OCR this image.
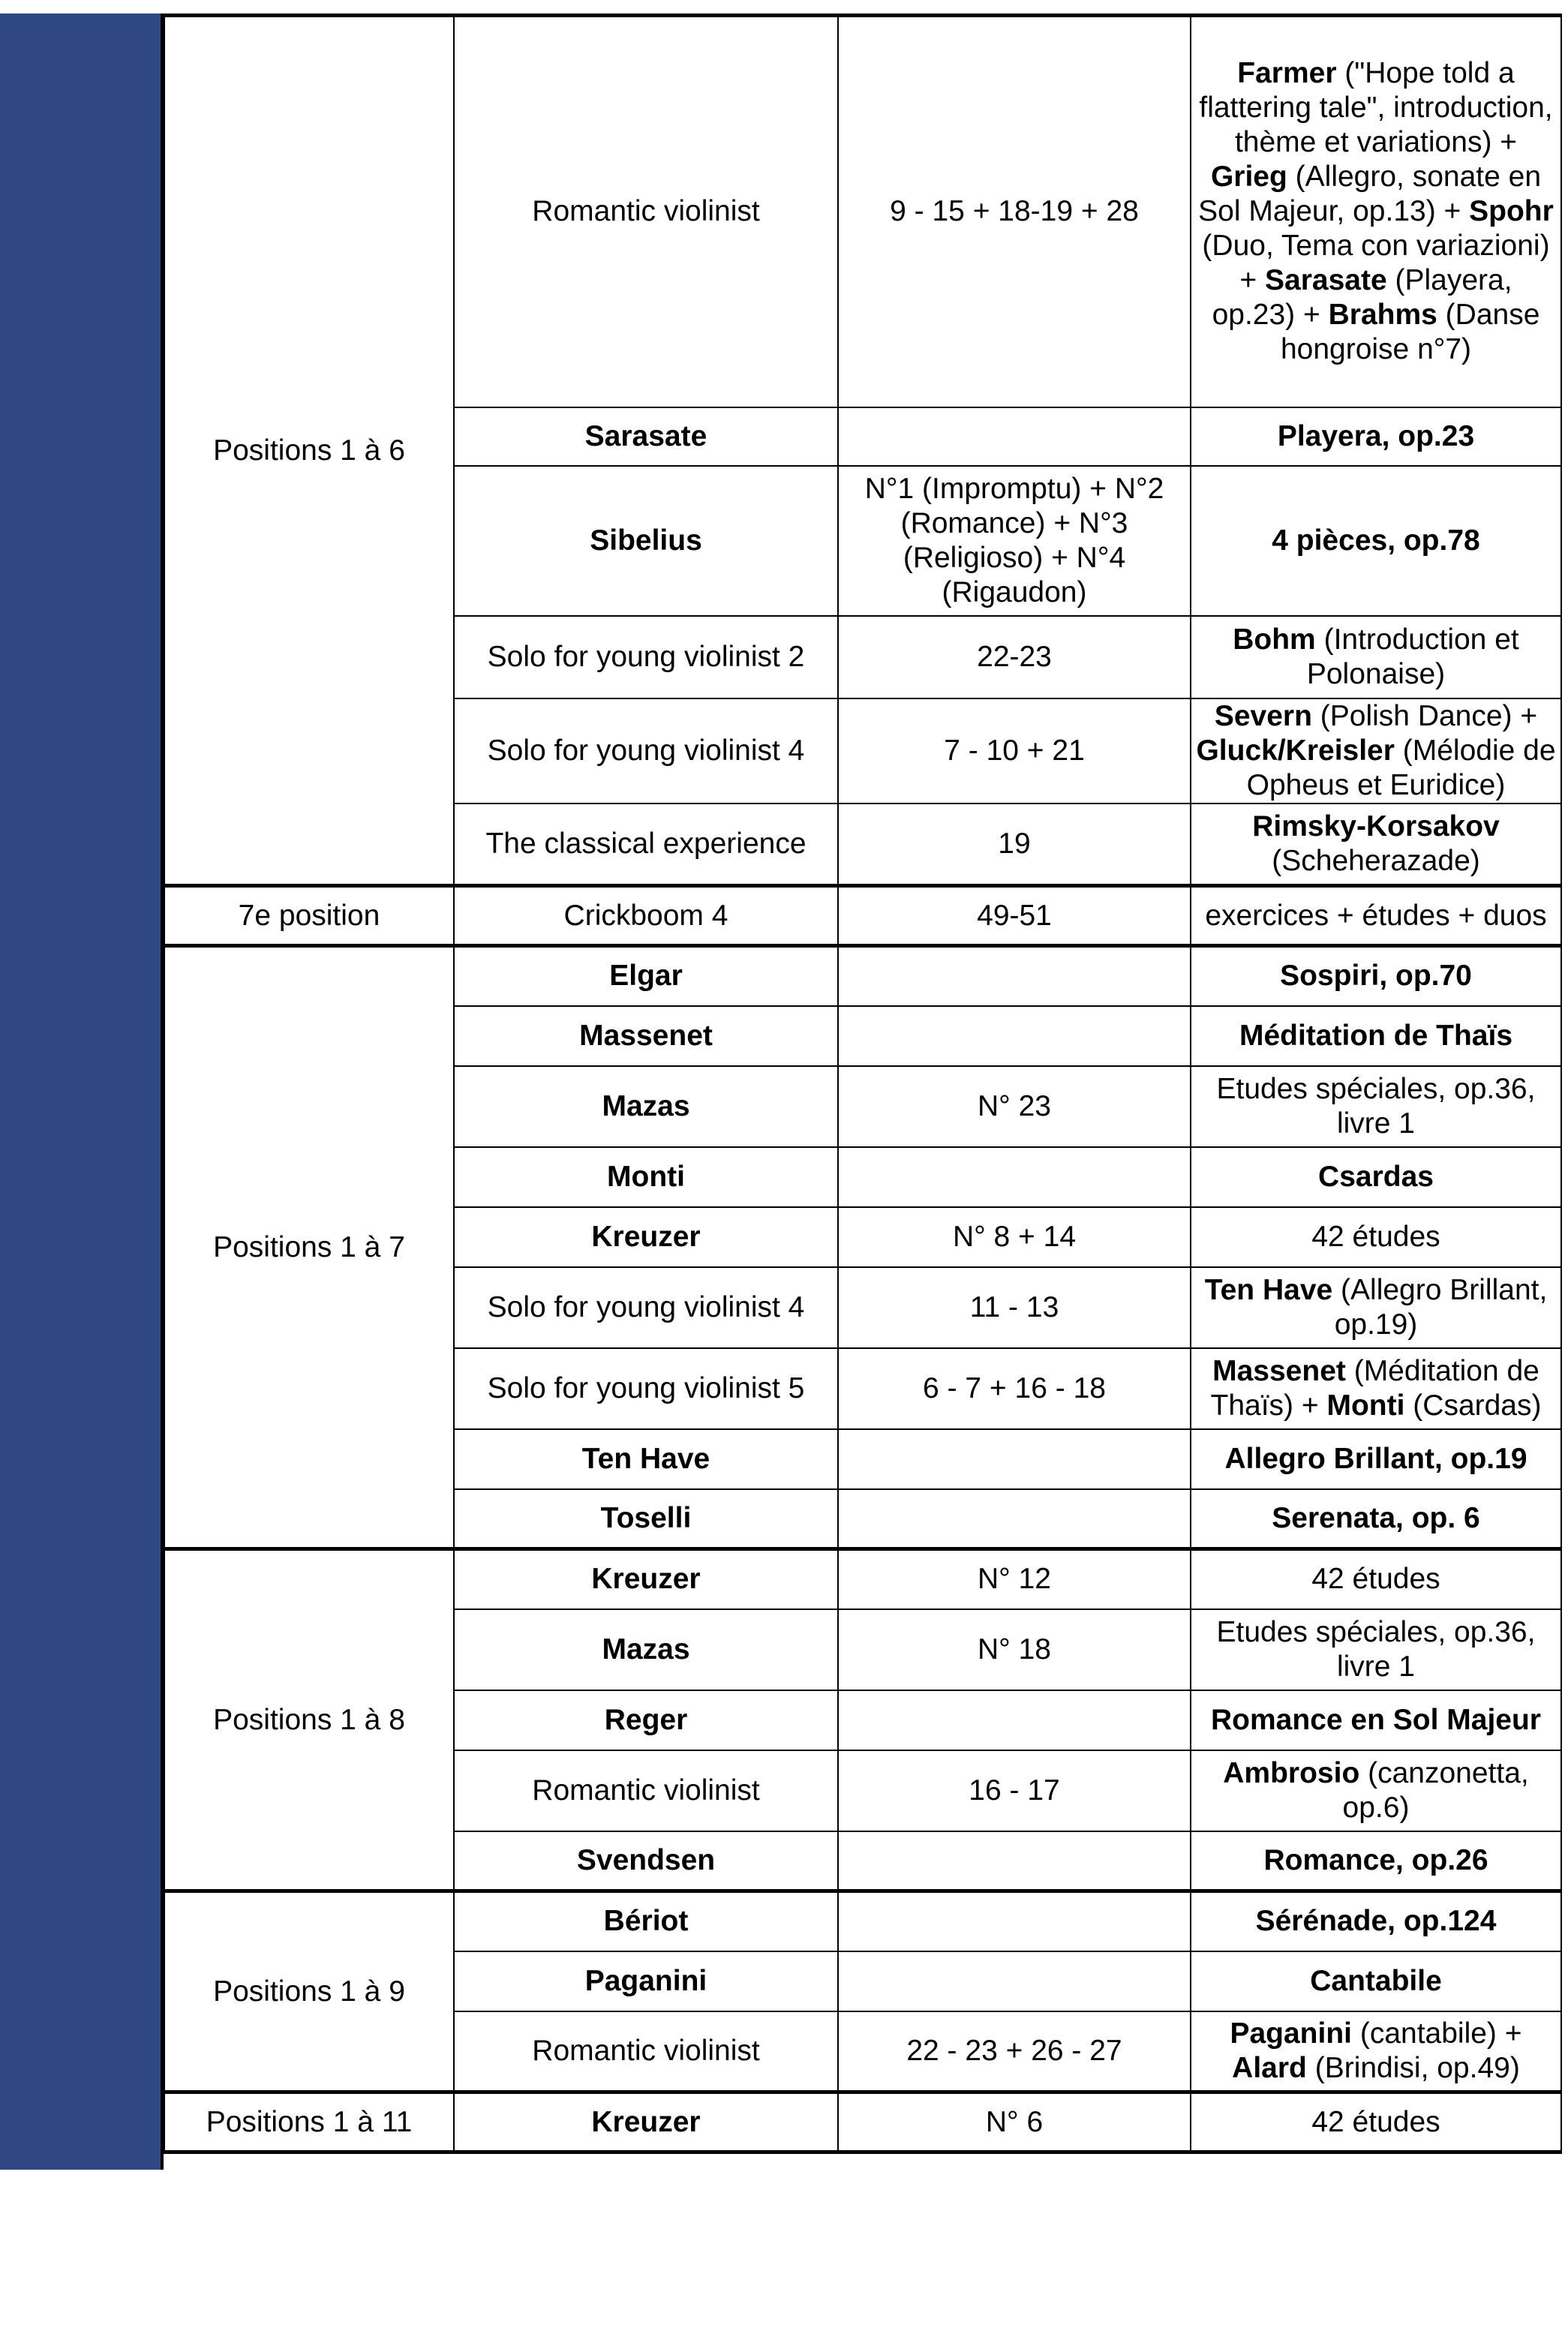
Positions 1 à 6	Romantic violinist	9 - 15 + 18-19 + 28	Farmer ("Hope told a flattering tale", introduction, thème et variations) + Grieg (Allegro, sonate en Sol Majeur, op.13) + Spohr (Duo, Tema con variazioni) + Sarasate (Playera, op.23) + Brahms (Danse hongroise n°7)
	Sarasate		Playera, op.23
	Sibelius	N°1 (Impromptu) + N°2 (Romance) + N°3 (Religioso) + N°4 (Rigaudon)	4 pièces, op.78
	Solo for young violinist 2	22-23	Bohm (Introduction et Polonaise)
	Solo for young violinist 4	7 - 10 + 21	Severn (Polish Dance) + Gluck/Kreisler (Mélodie de Opheus et Euridice)
	The classical experience	19	Rimsky-Korsakov (Scheherazade)
7e position	Crickboom 4	49-51	exercices + études + duos
Positions 1 à 7	Elgar		Sospiri, op.70
	Massenet		Méditation de Thaïs
	Mazas	N° 23	Etudes spéciales, op.36, livre 1
	Monti		Csardas
	Kreuzer	N° 8 + 14	42 études
	Solo for young violinist 4	11 - 13	Ten Have (Allegro Brillant, op.19)
	Solo for young violinist 5	6 - 7 + 16 - 18	Massenet (Méditation de Thaïs) + Monti (Csardas)
	Ten Have		Allegro Brillant, op.19
	Toselli		Serenata, op. 6
Positions 1 à 8	Kreuzer	N° 12	42 études
	Mazas	N° 18	Etudes spéciales, op.36, livre 1
	Reger		Romance en Sol Majeur
	Romantic violinist	16 - 17	Ambrosio (canzonetta, op.6)
	Svendsen		Romance, op.26
Positions 1 à 9	Bériot		Sérénade, op.124
	Paganini		Cantabile
	Romantic violinist	22 - 23 + 26 - 27	Paganini (cantabile) + Alard (Brindisi, op.49)
Positions 1 à 11	Kreuzer	N° 6	42 études
